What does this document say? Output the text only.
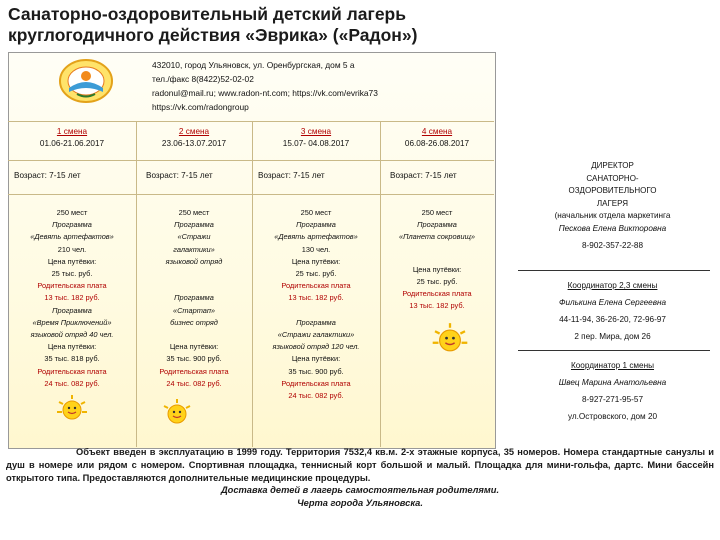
Санаторно-оздоровительный детский лагерь
круглогодичного действия «Эврика» («Радон»)
432010, город Ульяновск, ул. Оренбургская, дом 5 а
тел./факс 8(8422)52-02-02
radonul@mail.ru; www.radon-nt.com; https://vk.com/evrika73
https://vk.com/radongroup
1 смена
01.06-21.06.2017
Возраст: 7-15 лет
250 мест
Программа
«Девять артефактов»
210 чел.
Цена путёвки:
25 тыс. руб.
Родительская плата
13 тыс. 182 руб.
Программа
«Время Приключений»
языковой отряд 40 чел.
Цена путёвки:
35 тыс. 818 руб.
Родительская плата
24 тыс. 082 руб.
2 смена
23.06-13.07.2017
Возраст: 7-15 лет
250 мест
Программа
«Стражи
галактики»
языковой отряд
Программа
«Стартап»
бизнес отряд
Цена путёвки:
35 тыс. 900 руб.
Родительская плата
24 тыс. 082 руб.
3 смена
15.07- 04.08.2017
Возраст: 7-15 лет
250 мест
Программа
«Девять артефактов»
130 чел.
Цена путёвки:
25 тыс. руб.
Родительская плата
13 тыс. 182 руб.
Программа
«Стражи галактики»
языковой отряд 120 чел.
Цена путёвки:
35 тыс. 900 руб.
Родительская плата
24 тыс. 082 руб.
4 смена
06.08-26.08.2017
Возраст: 7-15 лет
250 мест
Программа
«Планета сокровищ»
Цена путёвки:
25 тыс. руб.
Родительская плата
13 тыс. 182 руб.
ДИРЕКТОР
САНАТОРНО-
ОЗДОРОВИТЕЛЬНОГО
ЛАГЕРЯ
(начальник отдела маркетинга
Пескова Елена Викторовна
8-902-357-22-88
Координатор 2,3 смены
Филькина Елена Сергеевна
44-11-94, 36-26-20, 72-96-97
2 пер. Мира, дом 26
Координатор 1 смены
Швец Марина Анатольевна
8-927-271-95-57
ул.Островского, дом 20

Объект введен в эксплуатацию в 1999 году. Территория 7532,4 кв.м. 2-х этажные корпуса, 35 номеров. Номера стандартные санузлы и душ в номере или рядом с номером. Спортивная площадка, теннисный корт большой и малый. Площадка для мини-гольфа, дартс. Мини бассейн открытого типа. Предоставляются дополнительные медицинские процедуры.

Доставка детей в лагерь самостоятельная родителями.

Черта города Ульяновска.
